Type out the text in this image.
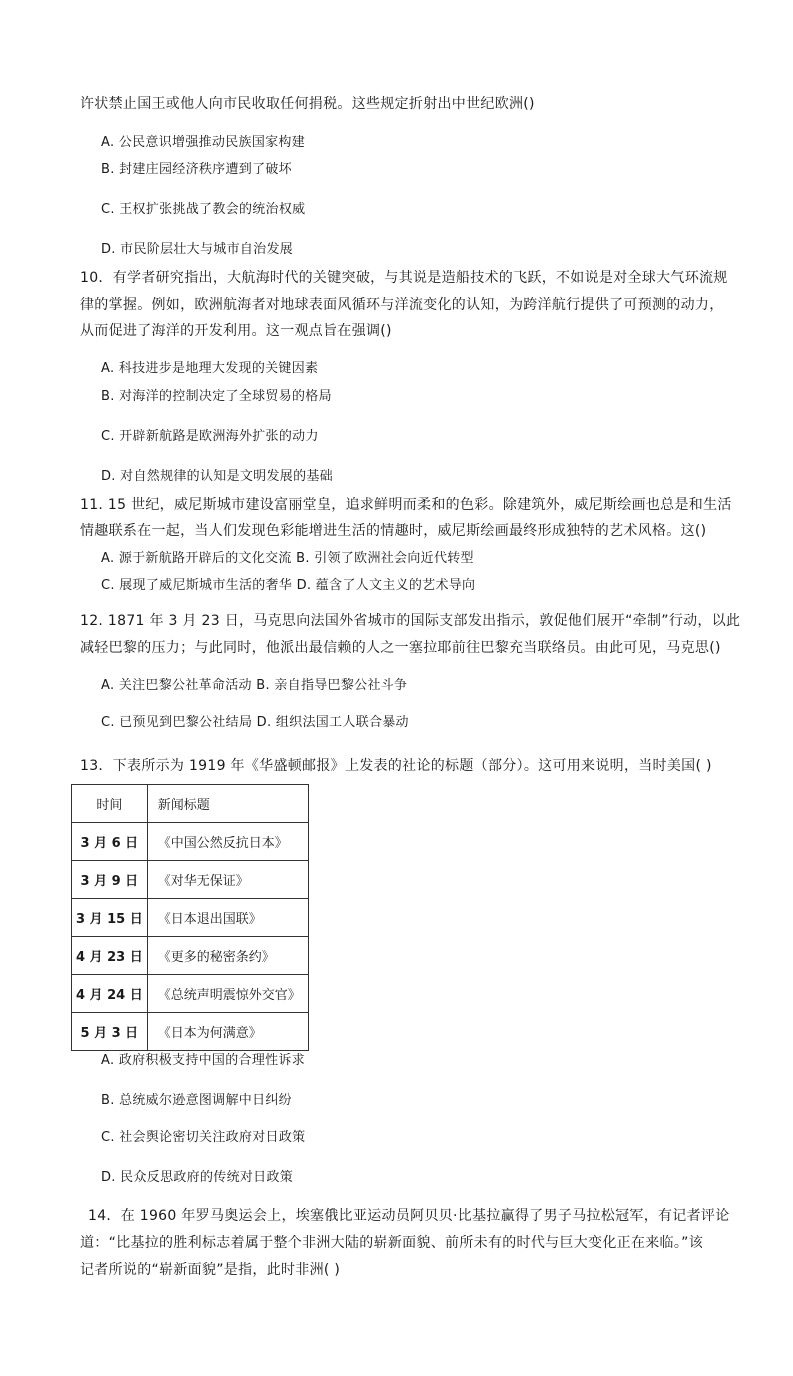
许状禁止国王或他人向市民收取任何捐税。这些规定折射出中世纪欧洲()
A. 公民意识增强推动民族国家构建
B. 封建庄园经济秩序遭到了破坏
C. 王权扩张挑战了教会的统治权威
D. 市民阶层壮大与城市自治发展
10．有学者研究指出，大航海时代的关键突破，与其说是造船技术的飞跃，不如说是对全球大气环流规
律的掌握。例如，欧洲航海者对地球表面风循环与洋流变化的认知，为跨洋航行提供了可预测的动力，
从而促进了海洋的开发利用。这一观点旨在强调()
A. 科技进步是地理大发现的关键因素
B. 对海洋的控制决定了全球贸易的格局
C. 开辟新航路是欧洲海外扩张的动力
D. 对自然规律的认知是文明发展的基础
11. 15 世纪，威尼斯城市建设富丽堂皇，追求鲜明而柔和的色彩。除建筑外，威尼斯绘画也总是和生活
情趣联系在一起，当人们发现色彩能增进生活的情趣时，威尼斯绘画最终形成独特的艺术风格。这()
A. 源于新航路开辟后的文化交流 B. 引领了欧洲社会向近代转型
C. 展现了威尼斯城市生活的奢华 D. 蕴含了人文主义的艺术导向
12. 1871 年 3 月 23 日，马克思向法国外省城市的国际支部发出指示，敦促他们展开“牵制”行动，以此
减轻巴黎的压力；与此同时，他派出最信赖的人之一塞拉耶前往巴黎充当联络员。由此可见，马克思()
A. 关注巴黎公社革命活动 B. 亲自指导巴黎公社斗争
C. 已预见到巴黎公社结局 D. 组织法国工人联合暴动
13．下表所示为 1919 年《华盛顿邮报》上发表的社论的标题（部分）。这可用来说明，当时美国( )
时间	新闻标题
3 月 6 日	《中国公然反抗日本》
3 月 9 日	《对华无保证》
3 月 15 日	《日本退出国联》
4 月 23 日	《更多的秘密条约》
4 月 24 日	《总统声明震惊外交官》
5 月 3 日	《日本为何满意》
A. 政府积极支持中国的合理性诉求
B. 总统威尔逊意图调解中日纠纷
C. 社会舆论密切关注政府对日政策
D. 民众反思政府的传统对日政策
14．在 1960 年罗马奥运会上，埃塞俄比亚运动员阿贝贝·比基拉赢得了男子马拉松冠军，有记者评论
道：“比基拉的胜利标志着属于整个非洲大陆的崭新面貌、前所未有的时代与巨大变化正在来临。”该
记者所说的“崭新面貌”是指，此时非洲( )
